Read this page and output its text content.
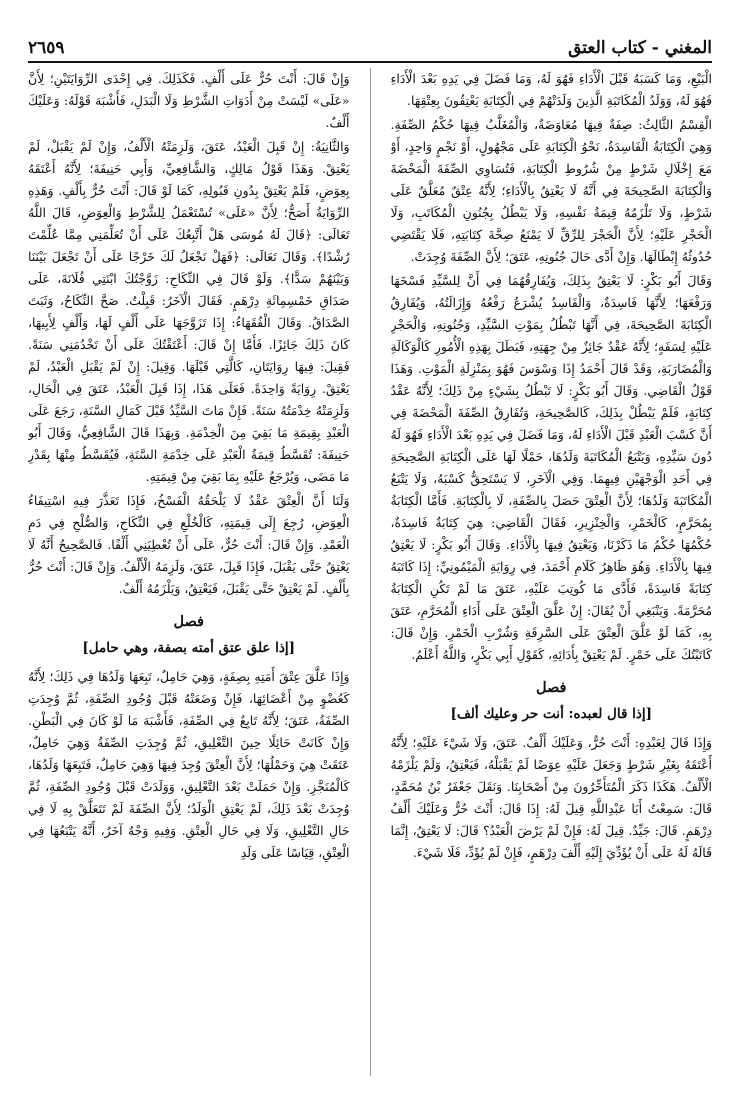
المغني - كتاب العتق
٢٦٥٩

الْبَيْعِ، وَمَا كَسَبَهُ قَبْلَ الْأَدَاءِ فَهُوَ لَهُ، وَمَا فَضَلَ فِي يَدِهِ بَعْدَ الْأَدَاءِ فَهُوَ لَهُ، وَوَلَدُ الْمُكَاتَبَةِ الَّذِينَ وَلَدَتْهُمْ فِي الْكِتَابَةِ يَعْتِقُونَ بِعِتْقِهَا.

الْقِسْمُ الثَّالِثُ: صِفَةٌ فِيهَا مُعَاوَضَةٌ، وَالْمُغَلَّبُ فِيهَا حُكْمُ الصِّفَةِ. وَهِيَ الْكِتَابَةُ الْفَاسِدَةُ، نَحْوُ الْكِتَابَةِ عَلَى مَجْهُولٍ، أَوْ نَجْمٍ وَاحِدٍ، أَوْ مَعَ إِخْلَالِ شَرْطٍ مِنْ شُرُوطِ الْكِتَابَةِ، فَتُسَاوِي الصِّفَةَ الْمَحْضَةَ وَالْكِتَابَةَ الصَّحِيحَةَ فِي أَنَّهُ لَا يَعْتِقُ بِالْأَدَاءِ؛ لِأَنَّهُ عِتْقٌ مُعَلَّقٌ عَلَى شَرْطٍ، وَلَا تَلْزَمُهُ قِيمَةُ نَفْسِهِ، وَلَا يَبْطُلُ بِجُنُونِ الْمُكَاتَبِ، وَلَا الْحَجْرِ عَلَيْهِ؛ لِأَنَّ الْحَجْرَ لِلرِّقِّ لَا يَمْنَعُ صِحَّةَ كِتَابَتِهِ، فَلَا يَقْتَضِي حُدُوثُهُ إِبْطَالَهَا. وَإِنْ أَدَّى حَالَ جُنُونِهِ، عَتَقَ؛ لِأَنَّ الصِّفَةَ وُجِدَتْ.

وَقَالَ أَبُو بَكْرٍ: لَا يَعْتِقُ بِذَلِكَ، وَيُفَارِقُهُمَا فِي أَنَّ لِلسَّيِّدِ فَسْخَهَا وَرَفْعَهَا؛ لِأَنَّهَا فَاسِدَةٌ، وَالْفَاسِدُ يُشْرَعُ رَفْعُهُ وَإِزَالَتُهُ، وَيُفَارِقُ الْكِتَابَةَ الصَّحِيحَةَ، فِي أَنَّهَا تَبْطُلُ بِمَوْتِ السَّيِّدِ، وَجُنُونِهِ، وَالْحَجْرِ عَلَيْهِ لِسَفَهٍ؛ لِأَنَّهُ عَقْدٌ جَائِزٌ مِنْ جِهَتِهِ، فَبَطَلَ بِهَذِهِ الْأُمُورِ كَالْوَكَالَةِ وَالْمُضَارَبَةِ، وَقَدْ قَالَ أَحْمَدُ إِذَا وَسْوَسَ فَهُوَ بِمَنْزِلَةِ الْمَوْتِ. وَهَذَا قَوْلُ الْقَاضِي. وَقَالَ أَبُو بَكْرٍ: لَا تَبْطُلُ بِشَيْءٍ مِنْ ذَلِكَ؛ لِأَنَّهُ عَقْدُ كِتَابَةٍ، فَلَمْ يَبْطُلْ بِذَلِكَ، كَالصَّحِيحَةِ، وَتُفَارِقُ الصِّفَةَ الْمَحْضَةَ فِي أَنَّ كَسْبَ الْعَبْدِ قَبْلَ الْأَدَاءِ لَهُ، وَمَا فَضَلَ فِي يَدِهِ بَعْدَ الْأَدَاءِ فَهُوَ لَهُ دُونَ سَيِّدِهِ، وَيَتْبَعُ الْمُكَاتَبَةَ وَلَدُهَا، حَمْلًا لَهَا عَلَى الْكِتَابَةِ الصَّحِيحَةِ فِي أَحَدِ الْوَجْهَيْنِ فِيهِمَا. وَفِي الْآخَرِ، لَا يَسْتَحِقُّ كَسْبَهُ، وَلَا يَتْبَعُ الْمُكَاتَبَةَ وَلَدُهَا؛ لِأَنَّ الْعِتْقَ حَصَلَ بِالصِّفَةِ، لَا بِالْكِتَابَةِ. فَأَمَّا الْكِتَابَةُ بِمُحَرَّمٍ، كَالْخَمْرِ، وَالْخِنْزِيرِ، فَقَالَ الْقَاضِي: هِيَ كِتَابَةٌ فَاسِدَةٌ، حُكْمُهَا حُكْمُ مَا ذَكَرْنَا، وَيَعْتِقُ فِيهَا بِالْأَدَاءِ. وَقَالَ أَبُو بَكْرٍ: لَا يَعْتِقُ فِيهَا بِالْأَدَاءِ. وَهُوَ ظَاهِرُ كَلَامِ أَحْمَدَ، فِي رِوَايَةِ الْمَيْمُونِيِّ: إِذَا كَاتَبَهُ كِتَابَةً فَاسِدَةً، فَأَدَّى مَا كُوتِبَ عَلَيْهِ، عَتَقَ مَا لَمْ تَكُنِ الْكِتَابَةُ مُحَرَّمَةً. وَيَنْبَغِي أَنْ يُقَالَ: إِنْ عَلَّقَ الْعِتْقَ عَلَى أَدَاءِ الْمُحَرَّمِ، عَتَقَ بِهِ، كَمَا لَوْ عَلَّقَ الْعِتْقَ عَلَى السَّرِقَةِ وَشُرْبِ الْخَمْرِ. وَإِنْ قَالَ: كَاتَبْتُكَ عَلَى خَمْرٍ. لَمْ يَعْتِقْ بِأَدَائِهِ، كَقَوْلِ أَبِي بَكْرٍ، وَاللَّهُ أَعْلَمُ.

فصل
[إذا قال لعبده: أنت حر وعليك ألف]

وَإِذَا قَالَ لِعَبْدِهِ: أَنْتَ حُرٌّ، وَعَلَيْكَ أَلْفٌ. عَتَقَ، وَلَا شَيْءَ عَلَيْهِ؛ لِأَنَّهُ أَعْتَقَهُ بِغَيْرِ شَرْطٍ وَجَعَلَ عَلَيْهِ عِوَضًا لَمْ يَقْبَلْهُ، فَيَعْتِقُ، وَلَمْ يَلْزَمْهُ الْأَلْفُ. هَكَذَا ذَكَرَ الْمُتَأَخِّرُونَ مِنْ أَصْحَابِنَا. وَنَقَلَ جَعْفَرُ بْنُ مُحَمَّدٍ، قَالَ: سَمِعْتُ أَبَا عَبْدِاللَّهِ قِيلَ لَهُ: إِذَا قَالَ: أَنْتَ حُرٌّ وَعَلَيْكَ أَلْفُ دِرْهَمٍ. قَالَ: جَيِّدٌ. قِيلَ لَهُ: فَإِنْ لَمْ يَرْضَ الْعَبْدُ؟ قَالَ: لَا يَعْتِقُ، إِنَّمَا قَالَهُ لَهُ عَلَى أَنْ يُؤَدِّيَ إِلَيْهِ أَلْفَ دِرْهَمٍ، فَإِنْ لَمْ يُؤَدِّ، فَلَا شَيْءَ.

وَإِنْ قَالَ: أَنْتَ حُرٌّ عَلَى أَلْفٍ. فَكَذَلِكَ. فِي إِحْدَى الرِّوَايَتَيْنِ؛ لِأَنَّ «عَلَى» لَيْسَتْ مِنْ أَدَوَاتِ الشَّرْطِ وَلَا الْبَدَلِ، فَأَشْبَهَ قَوْلَهُ: وَعَلَيْكَ أَلْفٌ.

وَالثَّانِيَةُ: إِنْ قَبِلَ الْعَبْدُ، عَتَقَ، وَلَزِمَتْهُ الْأَلْفُ، وَإِنْ لَمْ يَقْبَلْ، لَمْ يَعْتِقْ. وَهَذَا قَوْلُ مَالِكٍ، وَالشَّافِعِيِّ، وَأَبِي حَنِيفَةَ؛ لِأَنَّهُ أَعْتَقَهُ بِعِوَضٍ، فَلَمْ يَعْتِقْ بِدُونِ قَبُولِهِ، كَمَا لَوْ قَالَ: أَنْتَ حُرٌّ بِأَلْفٍ. وَهَذِهِ الرِّوَايَةُ أَصَحُّ؛ لِأَنَّ «عَلَى» تُسْتَعْمَلُ لِلشَّرْطِ وَالْعِوَضِ، قَالَ اللَّهُ تَعَالَى: ﴿قَالَ لَهُ مُوسَى هَلْ أَتَّبِعُكَ عَلَى أَنْ تُعَلِّمَنِي مِمَّا عُلِّمْتَ رُشْدًا﴾. وَقَالَ تَعَالَى: ﴿فَهَلْ نَجْعَلُ لَكَ خَرْجًا عَلَى أَنْ تَجْعَلَ بَيْنَنَا وَبَيْنَهُمْ سَدًّا﴾. وَلَوْ قَالَ فِي النِّكَاحِ: زَوَّجْتُكَ ابْنَتِي فُلَانَةَ، عَلَى صَدَاقِ خَمْسِمِائَةِ دِرْهَمٍ. فَقَالَ الْآخَرُ: قَبِلْتُ. صَحَّ النِّكَاحُ، وَثَبَتَ الصَّدَاقُ. وَقَالَ الْفُقَهَاءُ: إِذَا تَزَوَّجَهَا عَلَى أَلْفٍ لَهَا، وَأَلْفٍ لِأَبِيهَا، كَانَ ذَلِكَ جَائِزًا. فَأَمَّا إِنْ قَالَ: أَعْتَقْتُكَ عَلَى أَنْ تَخْدُمَنِي سَنَةً. فَقِيلَ: فِيهَا رِوَايَتَانِ، كَالَّتِي قَبْلَهَا. وَقِيلَ: إِنْ لَمْ يَقْبَلِ الْعَبْدُ، لَمْ يَعْتِقْ. رِوَايَةً وَاحِدَةً. فَعَلَى هَذَا، إِذَا قَبِلَ الْعَبْدُ، عَتَقَ فِي الْحَالِ، وَلَزِمَتْهُ خِدْمَتُهُ سَنَةً. فَإِنْ مَاتَ السَّيِّدُ قَبْلَ كَمَالِ السَّنَةِ، رَجَعَ عَلَى الْعَبْدِ بِقِيمَةِ مَا بَقِيَ مِنَ الْخِدْمَةِ. وَبِهَذَا قَالَ الشَّافِعِيُّ، وَقَالَ أَبُو حَنِيفَةَ: تُقَسَّطُ قِيمَةُ الْعَبْدِ عَلَى خِدْمَةِ السَّنَةِ، فَيُقَسَّطُ مِنْهَا بِقَدْرِ مَا مَضَى، وَيُرْجَعُ عَلَيْهِ بِمَا بَقِيَ مِنْ قِيمَتِهِ.

وَلَنَا أَنَّ الْعِتْقَ عَقْدٌ لَا يَلْحَقُهُ الْفَسْخُ، فَإِذَا تَعَذَّرَ فِيهِ اسْتِيفَاءُ الْعِوَضِ، رُجِعَ إِلَى قِيمَتِهِ، كَالْخُلْعِ فِي النِّكَاحِ، وَالصُّلْحِ فِي دَمِ الْعَمْدِ. وَإِنْ قَالَ: أَنْتَ حُرٌّ، عَلَى أَنْ تُعْطِيَنِي أَلْفًا. فَالصَّحِيحُ أَنَّهُ لَا يَعْتِقُ حَتَّى يَقْبَلَ، فَإِذَا قَبِلَ، عَتَقَ، وَلَزِمَهُ الْأَلْفُ. وَإِنْ قَالَ: أَنْتَ حُرٌّ بِأَلْفٍ. لَمْ يَعْتِقْ حَتَّى يَقْبَلَ، فَيَعْتِقُ، وَيَلْزَمُهُ أَلْفٌ.

فصل
[إذا علق عتق أمته بصفة، وهي حامل]

وَإِذَا عَلَّقَ عِتْقَ أَمَتِهِ بِصِفَةٍ، وَهِيَ حَامِلٌ، تَبِعَهَا وَلَدُهَا فِي ذَلِكَ؛ لِأَنَّهُ كَعُضْوٍ مِنْ أَعْضَائِهَا، فَإِنْ وَضَعَتْهُ قَبْلَ وُجُودِ الصِّفَةِ، ثُمَّ وُجِدَتِ الصِّفَةُ، عَتَقَ؛ لِأَنَّهُ تَابِعٌ فِي الصِّفَةِ، فَأَشْبَهَ مَا لَوْ كَانَ فِي الْبَطْنِ. وَإِنْ كَانَتْ حَائِلًا حِينَ التَّعْلِيقِ، ثُمَّ وُجِدَتِ الصِّفَةُ وَهِيَ حَامِلٌ، عَتَقَتْ هِيَ وَحَمْلُهَا؛ لِأَنَّ الْعِتْقَ وُجِدَ فِيهَا وَهِيَ حَامِلٌ، فَتَبِعَهَا وَلَدُهَا، كَالْمُنَجَّزِ. وَإِنْ حَمَلَتْ بَعْدَ التَّعْلِيقِ، وَوَلَدَتْ قَبْلَ وُجُودِ الصِّفَةِ، ثُمَّ وُجِدَتْ بَعْدَ ذَلِكَ، لَمْ يَعْتِقِ الْوَلَدُ؛ لِأَنَّ الصِّفَةَ لَمْ تَتَعَلَّقْ بِهِ لَا فِي حَالِ التَّعْلِيقِ، وَلَا فِي حَالِ الْعِتْقِ. وَفِيهِ وَجْهٌ آخَرُ، أَنَّهُ يَتْبَعُهَا فِي الْعِتْقِ، قِيَاسًا عَلَى وَلَدِ
